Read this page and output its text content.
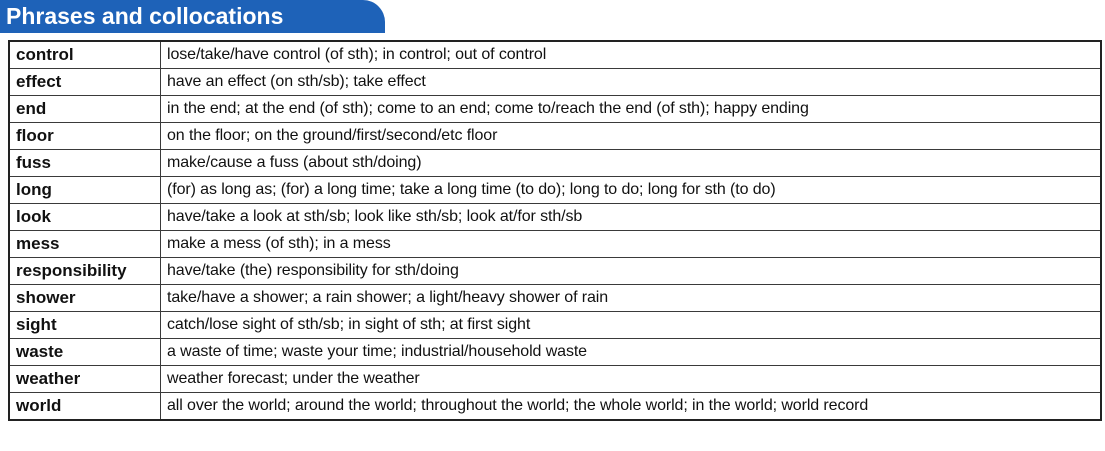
Phrases and collocations
control	lose/take/have control (of sth); in control; out of control
effect	have an effect (on sth/sb); take effect
end	in the end; at the end (of sth); come to an end; come to/reach the end (of sth); happy ending
floor	on the floor; on the ground/first/second/etc floor
fuss	make/cause a fuss (about sth/doing)
long	(for) as long as; (for) a long time; take a long time (to do); long to do; long for sth (to do)
look	have/take a look at sth/sb; look like sth/sb; look at/for sth/sb
mess	make a mess (of sth); in a mess
responsibility	have/take (the) responsibility for sth/doing
shower	take/have a shower; a rain shower; a light/heavy shower of rain
sight	catch/lose sight of sth/sb; in sight of sth; at first sight
waste	a waste of time; waste your time; industrial/household waste
weather	weather forecast; under the weather
world	all over the world; around the world; throughout the world; the whole world; in the world; world record
